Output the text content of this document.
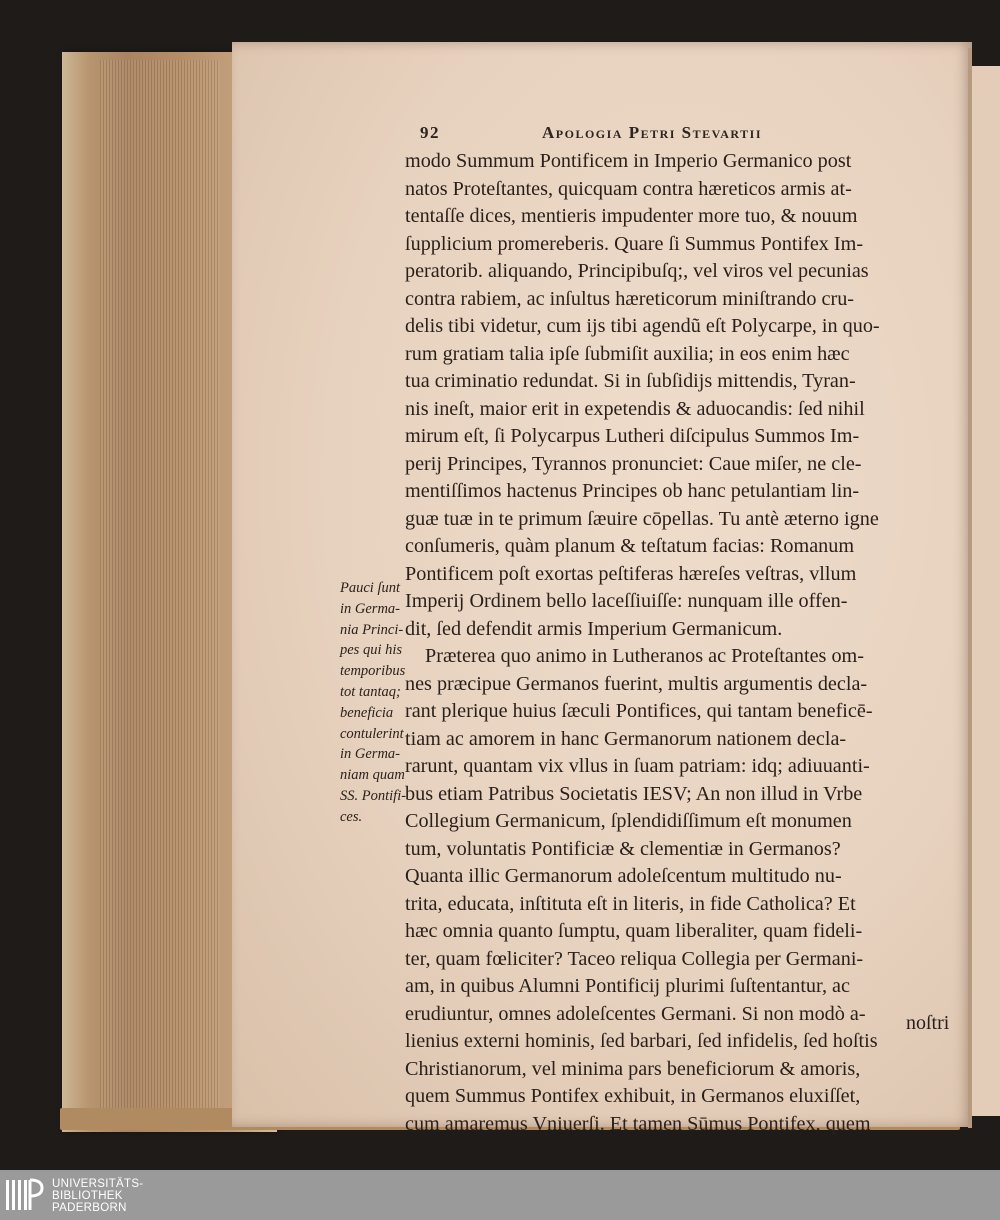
92	Apologia Petri Stevartii
modo Summum Pontificem in Imperio Germanico post
natos Proteſtantes, quicquam contra hæreticos armis at-
tentaſſe dices, mentieris impudenter more tuo, & nouum
ſupplicium promereberis. Quare ſi Summus Pontifex Im-
peratorib. aliquando, Principibuſq;, vel viros vel pecunias
contra rabiem, ac inſultus hæreticorum miniſtrando cru-
delis tibi videtur, cum ijs tibi agendũ eſt Polycarpe, in quo-
rum gratiam talia ipſe ſubmiſit auxilia; in eos enim hæc
tua criminatio redundat. Si in ſubſidijs mittendis, Tyran-
nis ineſt, maior erit in expetendis & aduocandis: ſed nihil
mirum eſt, ſi Polycarpus Lutheri diſcipulus Summos Im-
perij Principes, Tyrannos pronunciet: Caue miſer, ne cle-
mentiſſimos hactenus Principes ob hanc petulantiam lin-
guæ tuæ in te primum ſæuire cōpellas. Tu antè æterno igne
conſumeris, quàm planum & teſtatum facias: Romanum
Pontificem poſt exortas peſtiferas hæreſes veſtras, vllum
Imperij Ordinem bello laceſſiuiſſe: nunquam ille offen-
dit, ſed defendit armis Imperium Germanicum.
Præterea quo animo in Lutheranos ac Proteſtantes om-
nes præcipue Germanos fuerint, multis argumentis decla-
rant plerique huius ſæculi Pontifices, qui tantam beneficē-
tiam ac amorem in hanc Germanorum nationem decla-
rarunt, quantam vix vllus in ſuam patriam: idq; adiuuanti-
bus etiam Patribus Societatis IESV; An non illud in Vrbe
Collegium Germanicum, ſplendidiſſimum eſt monumen
tum, voluntatis Pontificiæ & clementiæ in Germanos?
Quanta illic Germanorum adoleſcentum multitudo nu-
trita, educata, inſtituta eſt in literis, in fide Catholica? Et
hæc omnia quanto ſumptu, quam liberaliter, quam fideli-
ter, quam fœliciter? Taceo reliqua Collegia per Germani-
am, in quibus Alumni Pontificij plurimi ſuſtentantur, ac
erudiuntur, omnes adoleſcentes Germani. Si non modò a-
lienius externi hominis, ſed barbari, ſed infidelis, ſed hoſtis
Christianorum, vel minima pars beneficiorum & amoris,
quem Summus Pontifex exhibuit, in Germanos eluxiſſet,
cum amaremus Vniuerſi. Et tamen Sūmus Pontifex, quem
Pauci ſunt
in Germa-
nia Princi-
pes qui his
temporibus
tot tantaq;
beneficia
contulerint
in Germa-
niam quam
SS. Pontifi-
ces.
noſtri
UNIVERSITÄTS-
BIBLIOTHEK
PADERBORN
